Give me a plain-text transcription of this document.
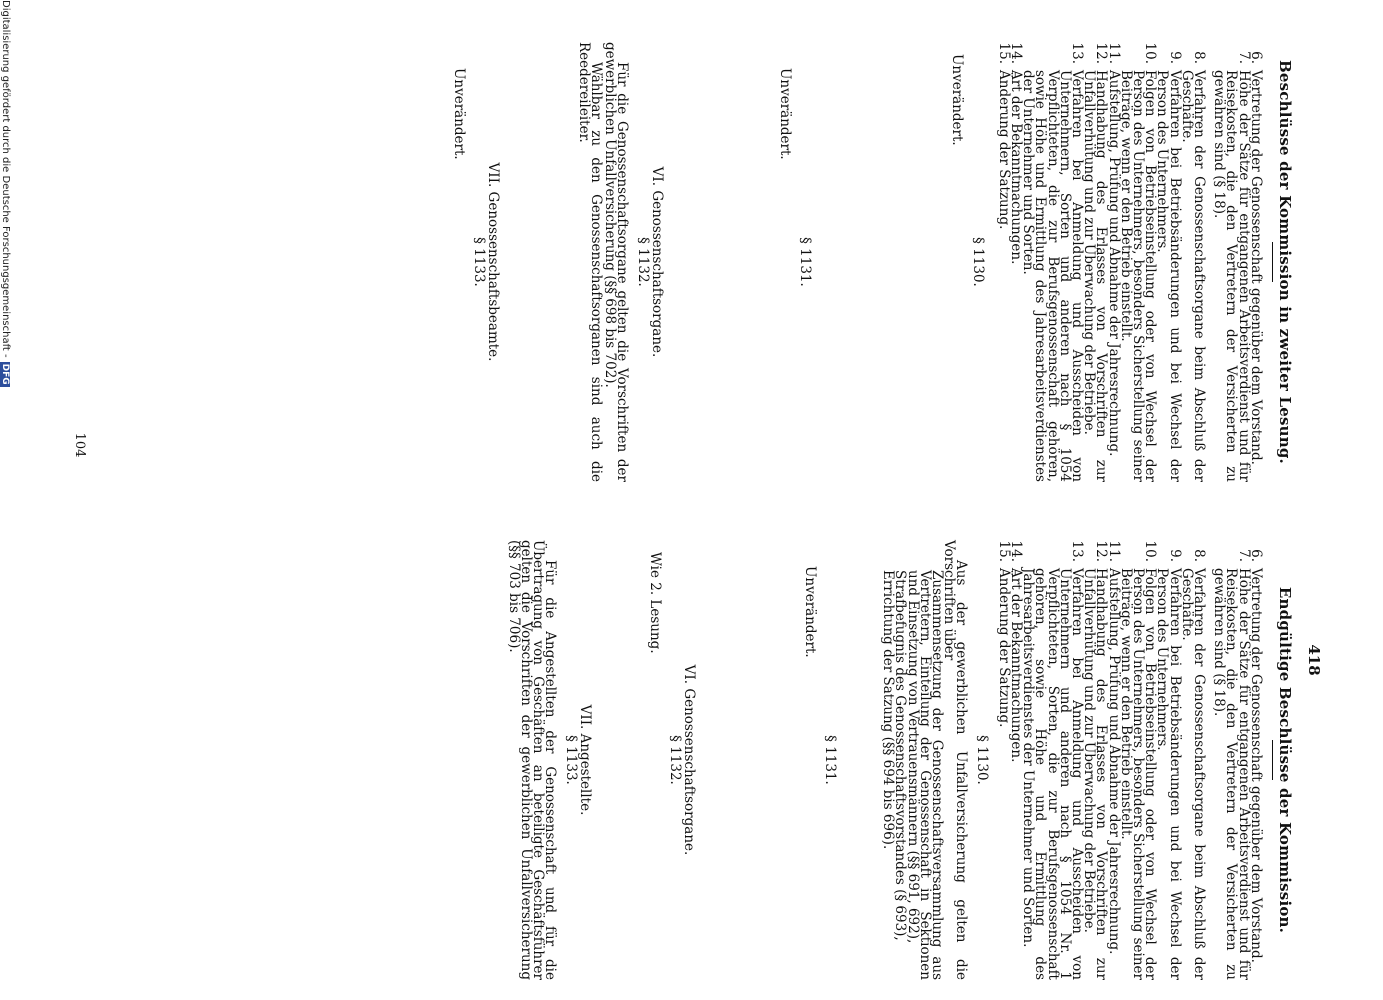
418
Beschlüsse der Kommission in zweiter Lesung.

6.
Vertretung der Genossenschaft gegenüber dem Vorstand.

7.
Höhe der Sätze für entgangenen Arbeitsverdienst und für Reisekosten, die den Vertretern der Versicherten zu gewähren sind (§ 18).

8.
Verfahren der Genossenschaftsorgane beim Abschluß der Geschäfte.

9.
Verfahren bei Betriebsänderungen und bei Wechsel der Person des Unternehmers.

10.
Folgen von Betriebseinstellung oder von Wechsel der Person des Unternehmers, besonders Sicherstellung seiner Beiträge, wenn er den Betrieb einstellt.

11.
Aufstellung, Prüfung und Abnahme der Jahresrechnung.

12.
Handhabung des Erlasses von Vorschriften zur Unfallverhütung und zur Überwachung der Betriebe.

13.
Verfahren bei Anmeldung und Ausscheiden von Unternehmern, Sorten und anderen nach § 1054 Verpflichteten, die zur Berufsgenossenschaft gehören, sowie Höhe und Ermittlung des Jahresarbeitsverdienstes der Unternehmer und Sorten.

14.
Art der Bekanntmachungen.

15.
Änderung der Satzung.

§ 1130.
Unverändert.
§ 1131.
Unverändert.
VI. Genossenschaftsorgane.
§ 1132.
Für die Genossenschaftsorgane gelten die Vorschriften der gewerblichen Unfallversicherung (§§ 698 bis 702).
Wählbar zu den Genossenschaftsorganen sind auch die Reedereileiter.
VII. Genossenschaftsbeamte.
§ 1133.
Unverändert.
Endgültige Beschlüsse der Kommission.

6.
Vertretung der Genossenschaft gegenüber dem Vorstand.

7.
Höhe der Sätze für entgangenen Arbeitsverdienst und für Reisekosten, die den Vertretern der Versicherten zu gewähren sind (§ 18).

8.
Verfahren der Genossenschaftsorgane beim Abschluß der Geschäfte.

9.
Verfahren bei Betriebsänderungen und bei Wechsel der Person des Unternehmers.

10.
Folgen von Betriebseinstellung oder von Wechsel der Person des Unternehmers, besonders Sicherstellung seiner Beiträge, wenn er den Betrieb einstellt.

11.
Aufstellung, Prüfung und Abnahme der Jahresrechnung.

12.
Handhabung des Erlasses von Vorschriften zur Unfallverhütung und zur Überwachung der Betriebe.

13.
Verfahren bei Anmeldung und Ausscheiden von Unternehmern und anderen nach § 1054 Nr. 1 Verpflichteten, Sorten, die zur Berufsgenossenschaft gehören, sowie Höhe und Ermittlung des Jahresarbeitsverdienstes der Unternehmer und Sorten.

14.
Art der Bekanntmachungen.

15.
Änderung der Satzung.

§ 1130.
Aus der gewerblichen Unfallversicherung gelten die Vorschriften über
Zusammensetzung der Genossenschaftsversammlung aus Vertretern, Einteilung der Genossenschaft in Sektionen und Einsetzung von Vertrauensmännern (§§ 691, 692),
Strafbefugnis des Genossenschaftsvorstandes (§ 693),
Errichtung der Satzung (§§ 694 bis 696).
§ 1131.
Unverändert.
VI. Genossenschaftsorgane.
§ 1132.
Wie 2. Lesung.
VII. Angestellte.
§ 1133.
Für die Angestellten der Genossenschaft und für die Übertragung von Geschäften an beteiligte Geschäftsführer gelten die Vorschriften der gewerblichen Unfallversicherung (§§ 703 bis 706).
104
Digitalisierung gefördert durch die Deutsche Forschungsgemeinschaft -DFG
